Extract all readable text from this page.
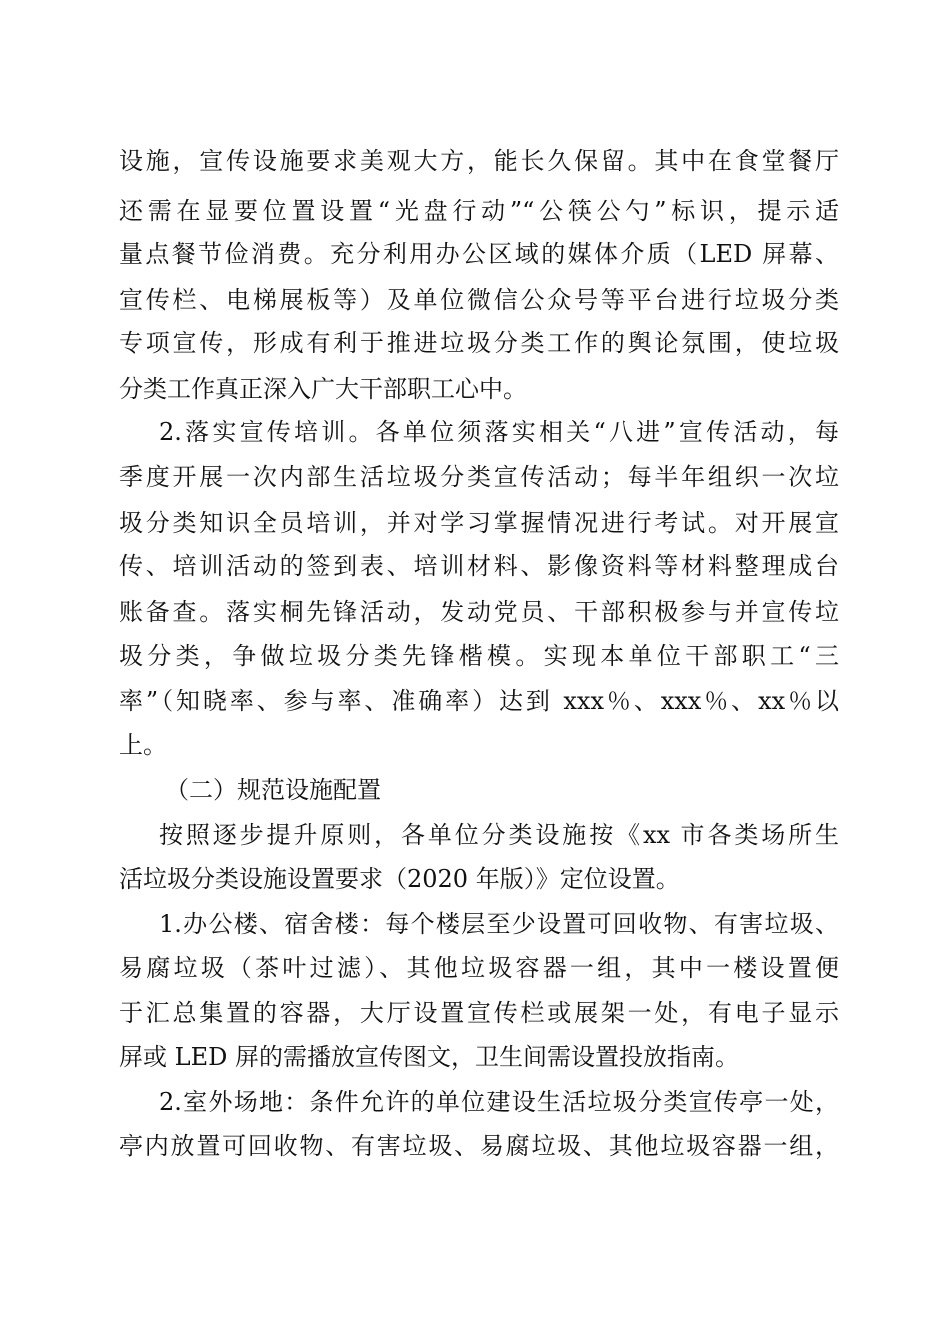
设施，宣传设施要求美观大方，能长久保留。其中在食堂餐厅
还需在显要位置设置“光盘行动”“公筷公勺”标识，提示适
量点餐节俭消费。充分利用办公区域的媒体介质（LED 屏幕、
宣传栏、电梯展板等）及单位微信公众号等平台进行垃圾分类
专项宣传，形成有利于推进垃圾分类工作的舆论氛围，使垃圾
分类工作真正深入广大干部职工心中。
2.落实宣传培训。各单位须落实相关“八进”宣传活动，每
季度开展一次内部生活垃圾分类宣传活动；每半年组织一次垃
圾分类知识全员培训，并对学习掌握情况进行考试。对开展宣
传、培训活动的签到表、培训材料、影像资料等材料整理成台
账备查。落实桐先锋活动，发动党员、干部积极参与并宣传垃
圾分类，争做垃圾分类先锋楷模。实现本单位干部职工“三
率”（知晓率、参与率、准确率）达到 xxx％、xxx％、xx％以
上。
（二）规范设施配置
按照逐步提升原则，各单位分类设施按《xx 市各类场所生
活垃圾分类设施设置要求（2020 年版）》定位设置。
1.办公楼、宿舍楼：每个楼层至少设置可回收物、有害垃圾、
易腐垃圾（茶叶过滤）、其他垃圾容器一组，其中一楼设置便
于汇总集置的容器，大厅设置宣传栏或展架一处，有电子显示
屏或 LED 屏的需播放宣传图文，卫生间需设置投放指南。
2.室外场地：条件允许的单位建设生活垃圾分类宣传亭一处，
亭内放置可回收物、有害垃圾、易腐垃圾、其他垃圾容器一组，
